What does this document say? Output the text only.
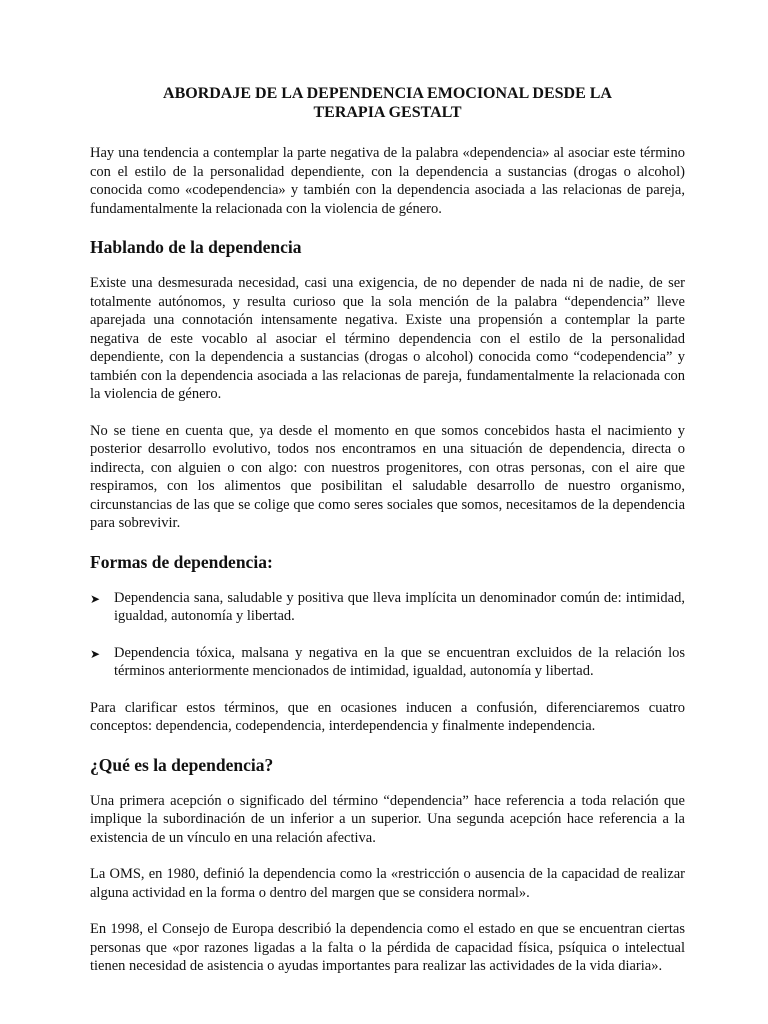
ABORDAJE DE LA DEPENDENCIA EMOCIONAL DESDE LA
TERAPIA GESTALT

Hay una tendencia a contemplar la parte negativa de la palabra «dependencia» al asociar este término con el estilo de la personalidad dependiente, con la dependencia a sustancias (drogas o alcohol) conocida como «codependencia» y también con la dependencia asociada a las relacionas de pareja, fundamentalmente la relacionada con la violencia de género.

Hablando de la dependencia

Existe una desmesurada necesidad, casi una exigencia, de no depender de nada ni de nadie, de ser totalmente autónomos, y resulta curioso que la sola mención de la palabra “dependencia” lleve aparejada una connotación intensamente negativa. Existe una propensión a contemplar la parte negativa de este vocablo al asociar el término dependencia con el estilo de la personalidad dependiente, con la dependencia a sustancias (drogas o alcohol) conocida como “codependencia” y también con la dependencia asociada a las relacionas de pareja, fundamentalmente la relacionada con la violencia de género.

No se tiene en cuenta que, ya desde el momento en que somos concebidos hasta el nacimiento y posterior desarrollo evolutivo, todos nos encontramos en una situación de dependencia, directa o indirecta, con alguien o con algo: con nuestros progenitores, con otras personas, con el aire que respiramos, con los alimentos que posibilitan el saludable desarrollo de nuestro organismo, circunstancias de las que se colige que como seres sociales que somos, necesitamos de la dependencia para sobrevivir.

Formas de dependencia:
➤ Dependencia sana, saludable y positiva que lleva implícita un denominador común de: intimidad, igualdad, autonomía y libertad.
➤ Dependencia tóxica, malsana y negativa en la que se encuentran excluidos de la relación los términos anteriormente mencionados de intimidad, igualdad, autonomía y libertad.

Para clarificar estos términos, que en ocasiones inducen a confusión, diferenciaremos cuatro conceptos: dependencia, codependencia, interdependencia y finalmente independencia.

¿Qué es la dependencia?

Una primera acepción o significado del término “dependencia” hace referencia a toda relación que implique la subordinación de un inferior a un superior. Una segunda acepción hace referencia a la existencia de un vínculo en una relación afectiva.

La OMS, en 1980, definió la dependencia como la «restricción o ausencia de la capacidad de realizar alguna actividad en la forma o dentro del margen que se considera normal».

En 1998, el Consejo de Europa describió la dependencia como el estado en que se encuentran ciertas personas que «por razones ligadas a la falta o la pérdida de capacidad física, psíquica o intelectual tienen necesidad de asistencia o ayudas importantes para realizar las actividades de la vida diaria».
